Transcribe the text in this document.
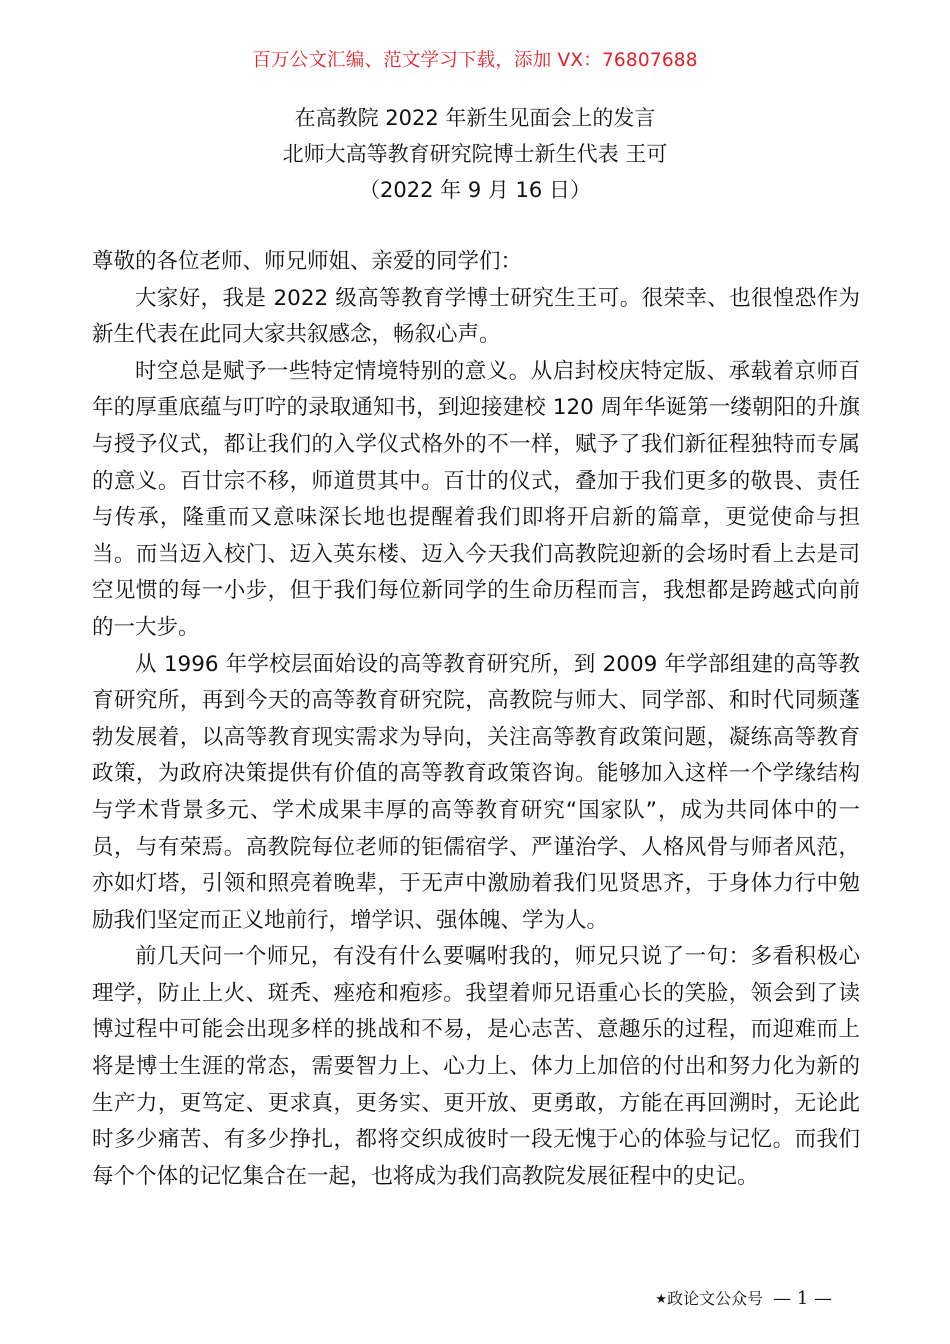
百万公文汇编、范文学习下载，添加 VX：76807688
在高教院 2022 年新生见面会上的发言
北师大高等教育研究院博士新生代表 王可
（2022 年 9 月 16 日）

尊敬的各位老师、师兄师姐、亲爱的同学们：

大家好，我是 2022 级高等教育学博士研究生王可。很荣幸、也很惶恐作为新生代表在此同大家共叙感念，畅叙心声。

时空总是赋予一些特定情境特别的意义。从启封校庆特定版、承载着京师百年的厚重底蕴与叮咛的录取通知书，到迎接建校 120 周年华诞第一缕朝阳的升旗与授予仪式，都让我们的入学仪式格外的不一样，赋予了我们新征程独特而专属的意义。百廿宗不移，师道贯其中。百廿的仪式，叠加于我们更多的敬畏、责任与传承，隆重而又意味深长地也提醒着我们即将开启新的篇章，更觉使命与担当。而当迈入校门、迈入英东楼、迈入今天我们高教院迎新的会场时看上去是司空见惯的每一小步，但于我们每位新同学的生命历程而言，我想都是跨越式向前的一大步。

从 1996 年学校层面始设的高等教育研究所，到 2009 年学部组建的高等教育研究所，再到今天的高等教育研究院，高教院与师大、同学部、和时代同频蓬勃发展着，以高等教育现实需求为导向，关注高等教育政策问题，凝练高等教育政策，为政府决策提供有价值的高等教育政策咨询。能够加入这样一个学缘结构与学术背景多元、学术成果丰厚的高等教育研究“国家队”，成为共同体中的一员，与有荣焉。高教院每位老师的钜儒宿学、严谨治学、人格风骨与师者风范，亦如灯塔，引领和照亮着晚辈，于无声中激励着我们见贤思齐，于身体力行中勉励我们坚定而正义地前行，增学识、强体魄、学为人。

前几天问一个师兄，有没有什么要嘱咐我的，师兄只说了一句：多看积极心理学，防止上火、斑秃、痤疮和疱疹。我望着师兄语重心长的笑脸，领会到了读博过程中可能会出现多样的挑战和不易，是心志苦、意趣乐的过程，而迎难而上将是博士生涯的常态，需要智力上、心力上、体力上加倍的付出和努力化为新的生产力，更笃定、更求真，更务实、更开放、更勇敢，方能在再回溯时，无论此时多少痛苦、有多少挣扎，都将交织成彼时一段无愧于心的体验与记忆。而我们每个个体的记忆集合在一起，也将成为我们高教院发展征程中的史记。

★政论文公众号 — 1 —
